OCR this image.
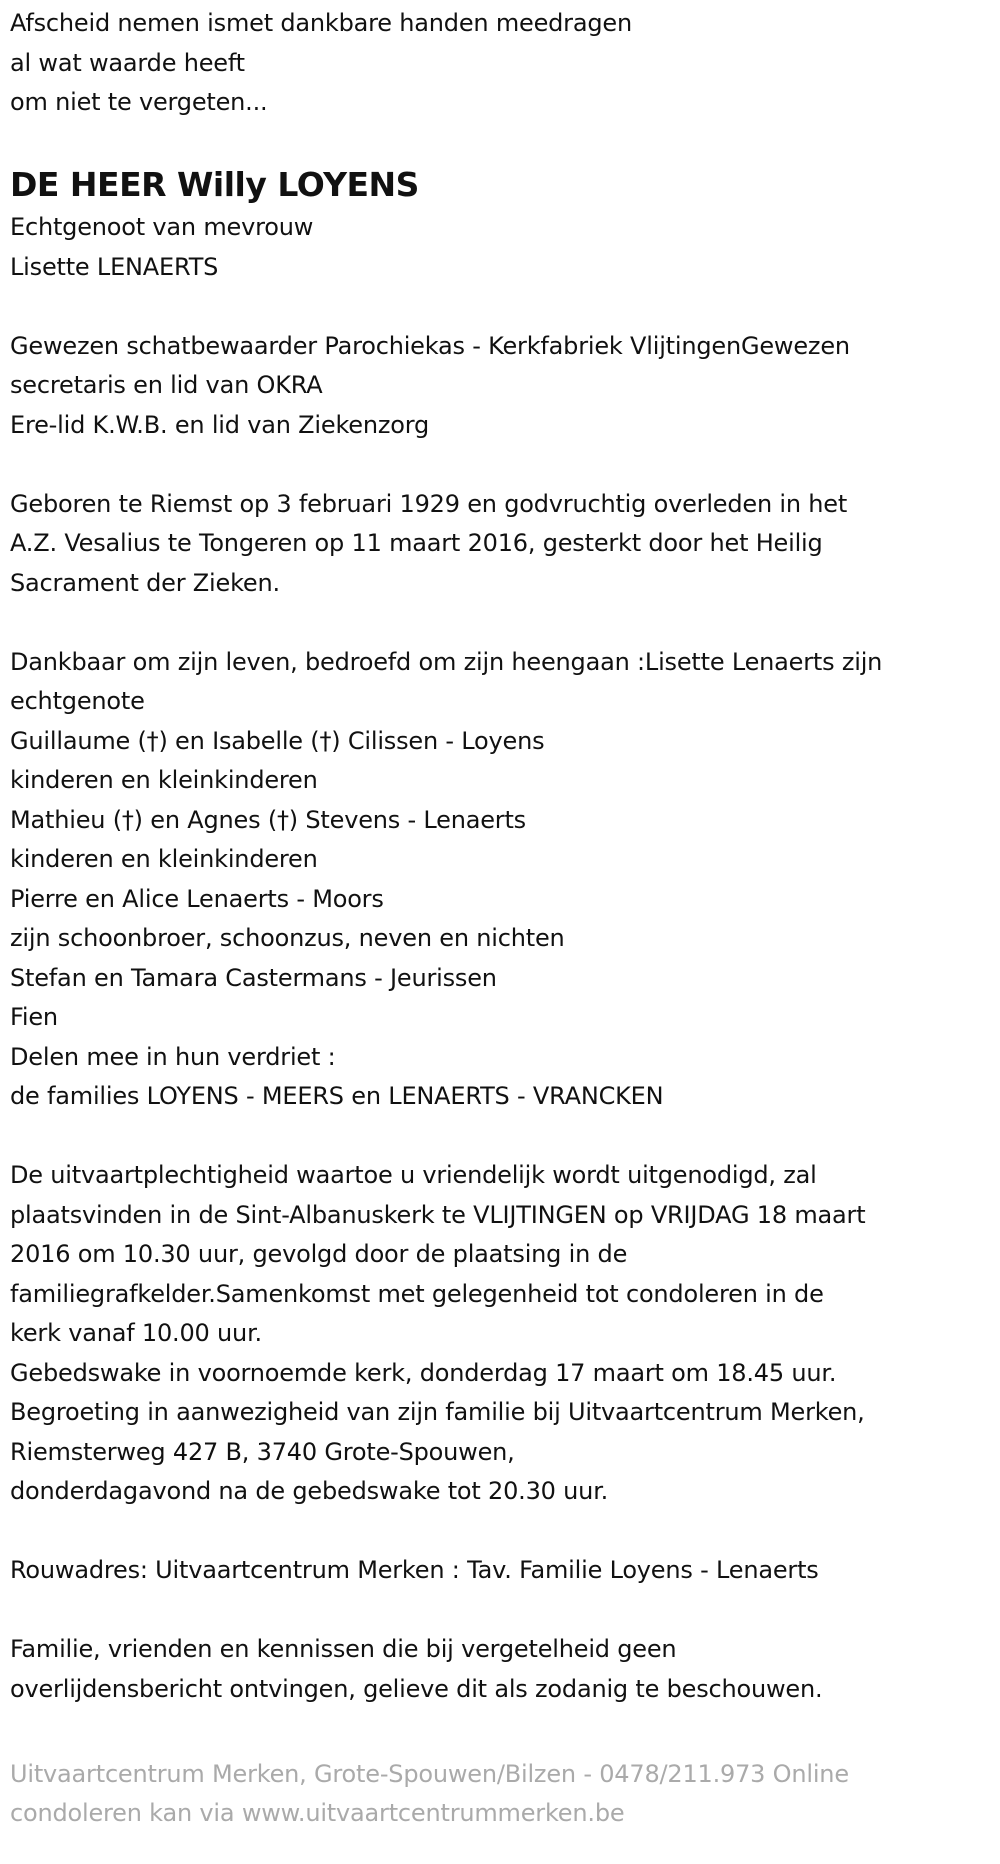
Afscheid nemen ismet dankbare handen meedragen
al wat waarde heeft
om niet te vergeten...
DE HEER Willy LOYENS
Echtgenoot van mevrouw
Lisette LENAERTS
Gewezen schatbewaarder Parochiekas - Kerkfabriek VlijtingenGewezen
secretaris en lid van OKRA
Ere-lid K.W.B. en lid van Ziekenzorg
Geboren te Riemst op 3 februari 1929 en godvruchtig overleden in het
A.Z. Vesalius te Tongeren op 11 maart 2016, gesterkt door het Heilig
Sacrament der Zieken.
Dankbaar om zijn leven, bedroefd om zijn heengaan :Lisette Lenaerts zijn
echtgenote
Guillaume (†) en Isabelle (†) Cilissen - Loyens
kinderen en kleinkinderen
Mathieu (†) en Agnes (†) Stevens - Lenaerts
kinderen en kleinkinderen
Pierre en Alice Lenaerts - Moors
zijn schoonbroer, schoonzus, neven en nichten
Stefan en Tamara Castermans - Jeurissen
Fien
Delen mee in hun verdriet :
de families LOYENS - MEERS en LENAERTS - VRANCKEN
De uitvaartplechtigheid waartoe u vriendelijk wordt uitgenodigd, zal
plaatsvinden in de Sint-Albanuskerk te VLIJTINGEN op VRIJDAG 18 maart
2016 om 10.30 uur, gevolgd door de plaatsing in de
familiegrafkelder.Samenkomst met gelegenheid tot condoleren in de
kerk vanaf 10.00 uur.
Gebedswake in voornoemde kerk, donderdag 17 maart om 18.45 uur.
Begroeting in aanwezigheid van zijn familie bij Uitvaartcentrum Merken,
Riemsterweg 427 B, 3740 Grote-Spouwen,
donderdagavond na de gebedswake tot 20.30 uur.
Rouwadres: Uitvaartcentrum Merken : Tav. Familie Loyens - Lenaerts
Familie, vrienden en kennissen die bij vergetelheid geen
overlijdensbericht ontvingen, gelieve dit als zodanig te beschouwen.
Uitvaartcentrum Merken, Grote-Spouwen/Bilzen - 0478/211.973 Online
condoleren kan via www.uitvaartcentrummerken.be
